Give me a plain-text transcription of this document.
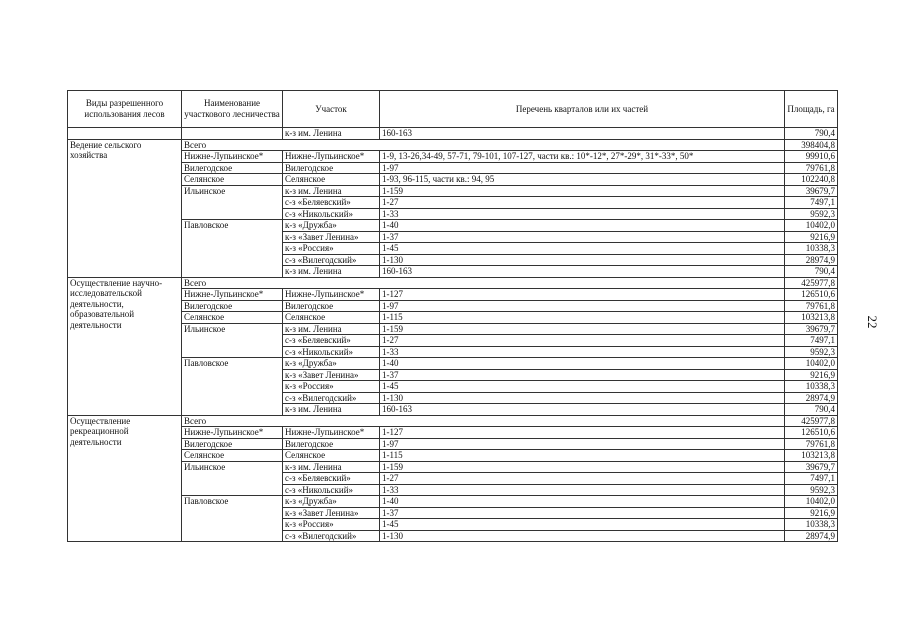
Виды разрешенного использования лесов	Наименование участкового лесничества	Участок	Перечень кварталов или их частей	Площадь, га
		к-з им. Ленина	160-163	790,4
Ведение сельского хозяйства	Всего			398404,8
	Нижне-Лупьинское*	Нижне-Лупьинское*	1-9, 13-26,34-49, 57-71, 79-101, 107-127, части кв.: 10*-12*, 27*-29*, 31*-33*, 50*	99910,6
	Вилегодское	Вилегодское	1-97	79761,8
	Селянское	Селянское	1-93, 96-115, части кв.: 94, 95	102240,8
	Ильинское	к-з им. Ленина	1-159	39679,7
		с-з «Беляевский»	1-27	7497,1
		с-з «Никольский»	1-33	9592,3
	Павловское	к-з «Дружба»	1-40	10402,0
		к-з «Завет Ленина»	1-37	9216,9
		к-з «Россия»	1-45	10338,3
		с-з «Вилегодский»	1-130	28974,9
		к-з им. Ленина	160-163	790,4
Осуществление научно-исследовательской деятельности, образовательной деятельности	Всего			425977,8
	Нижне-Лупьинское*	Нижне-Лупьинское*	1-127	126510,6
	Вилегодское	Вилегодское	1-97	79761,8
	Селянское	Селянское	1-115	103213,8
	Ильинское	к-з им. Ленина	1-159	39679,7
		с-з «Беляевский»	1-27	7497,1
		с-з «Никольский»	1-33	9592,3
	Павловское	к-з «Дружба»	1-40	10402,0
		к-з «Завет Ленина»	1-37	9216,9
		к-з «Россия»	1-45	10338,3
		с-з «Вилегодский»	1-130	28974,9
		к-з им. Ленина	160-163	790,4
Осуществление рекреационной деятельности	Всего			425977,8
	Нижне-Лупьинское*	Нижне-Лупьинское*	1-127	126510,6
	Вилегодское	Вилегодское	1-97	79761,8
	Селянское	Селянское	1-115	103213,8
	Ильинское	к-з им. Ленина	1-159	39679,7
		с-з «Беляевский»	1-27	7497,1
		с-з «Никольский»	1-33	9592,3
	Павловское	к-з «Дружба»	1-40	10402,0
		к-з «Завет Ленина»	1-37	9216,9
		к-з «Россия»	1-45	10338,3
		с-з «Вилегодский»	1-130	28974,9
22
